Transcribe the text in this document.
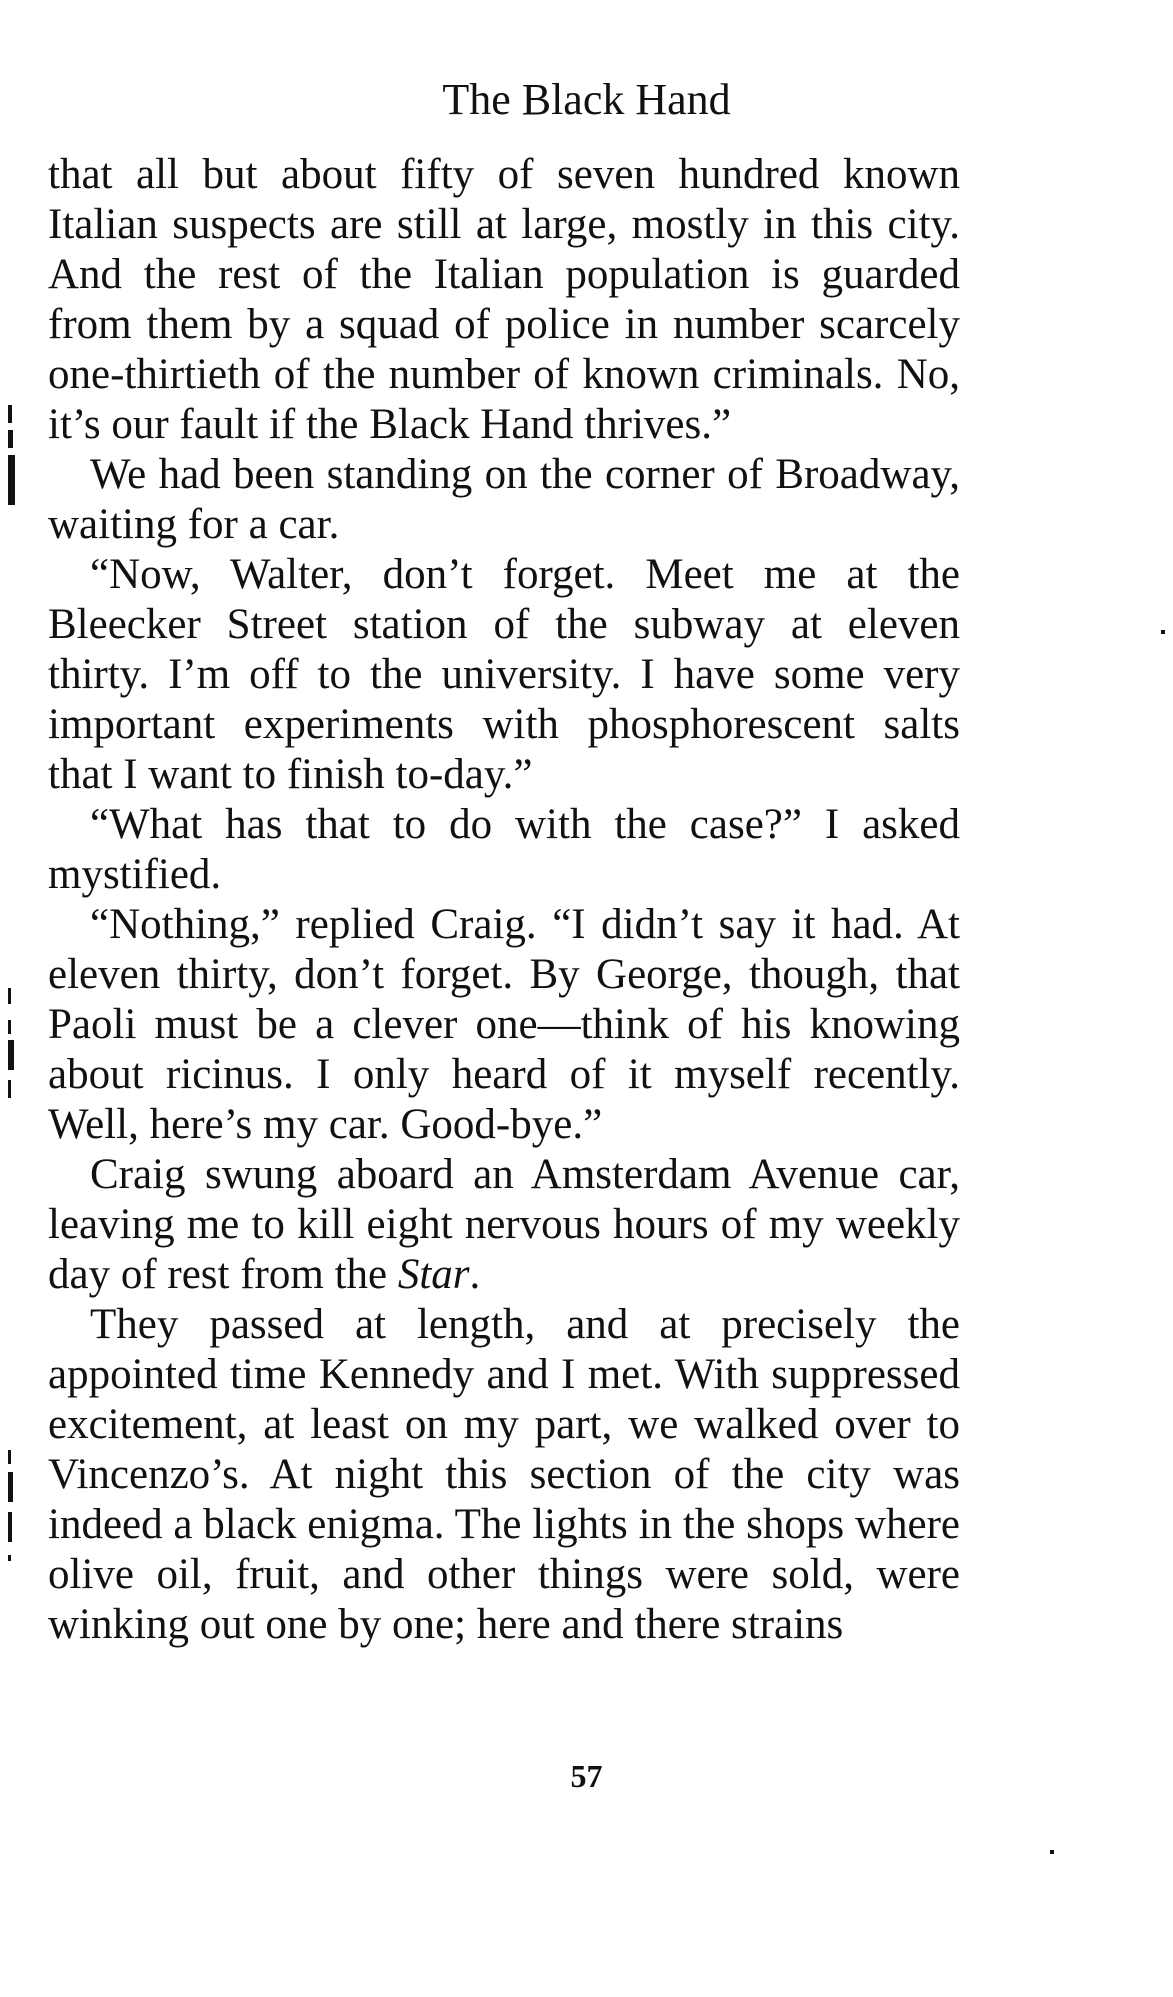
The Black Hand

that all but about fifty of seven hundred known Italian suspects are still at large, mostly in this city. And the rest of the Italian population is guarded from them by a squad of police in number scarcely one-thirtieth of the number of known criminals. No, it’s our fault if the Black Hand thrives.”

We had been standing on the corner of Broadway, waiting for a car.

“Now, Walter, don’t forget. Meet me at the Bleecker Street station of the subway at eleven thirty. I’m off to the university. I have some very important experiments with phosphorescent salts that I want to finish to-day.”

“What has that to do with the case?” I asked mystified.

“Nothing,” replied Craig. “I didn’t say it had. At eleven thirty, don’t forget. By George, though, that Paoli must be a clever one—think of his knowing about ricinus. I only heard of it myself recently. Well, here’s my car. Good-bye.”

Craig swung aboard an Amsterdam Avenue car, leaving me to kill eight nervous hours of my weekly day of rest from the Star.

They passed at length, and at precisely the appointed time Kennedy and I met. With suppressed excitement, at least on my part, we walked over to Vincenzo’s. At night this section of the city was indeed a black enigma. The lights in the shops where olive oil, fruit, and other things were sold, were winking out one by one; here and there strains

57
